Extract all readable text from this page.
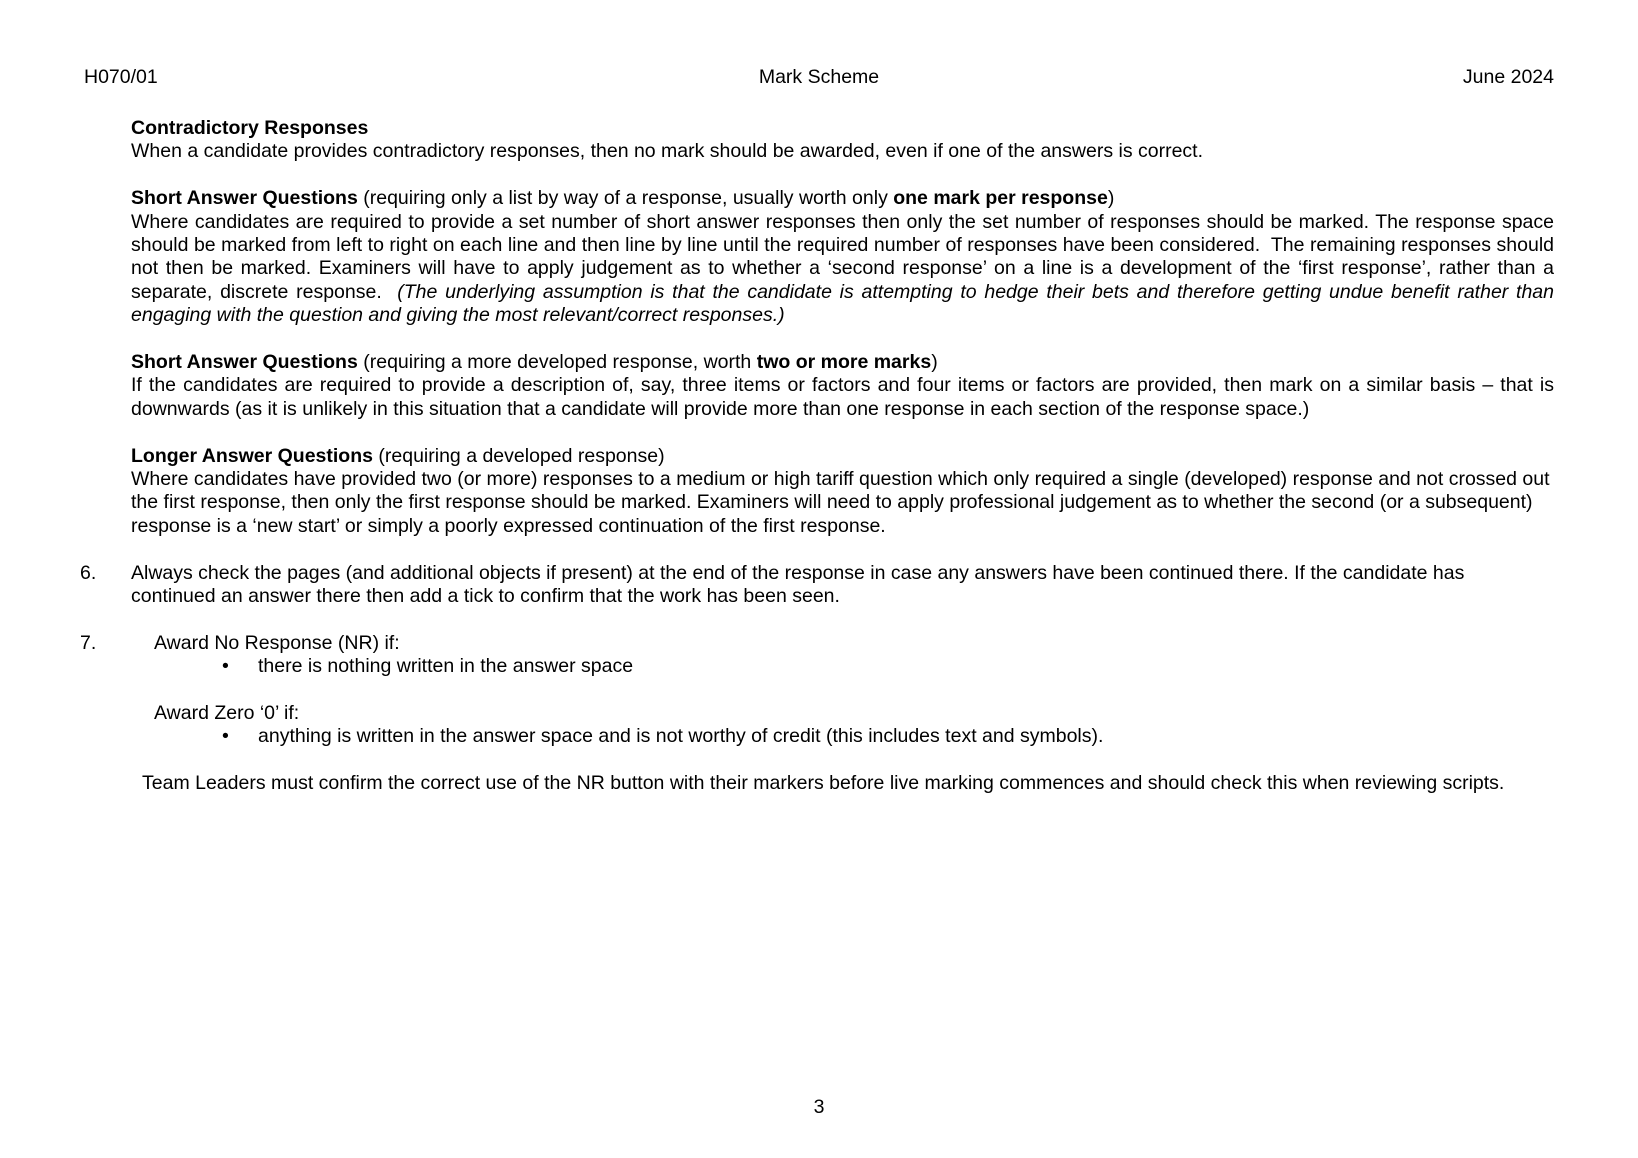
H070/01	Mark Scheme	June 2024
Contradictory Responses

When a candidate provides contradictory responses, then no mark should be awarded, even if one of the answers is correct.

Short Answer Questions (requiring only a list by way of a response, usually worth only one mark per response)

Where candidates are required to provide a set number of short answer responses then only the set number of responses should be marked. The response space should be marked from left to right on each line and then line by line until the required number of responses have been considered.  The remaining responses should not then be marked. Examiners will have to apply judgement as to whether a ‘second response’ on a line is a development of the ‘first response’, rather than a separate, discrete response.  (The underlying assumption is that the candidate is attempting to hedge their bets and therefore getting undue benefit rather than engaging with the question and giving the most relevant/correct responses.)

Short Answer Questions (requiring a more developed response, worth two or more marks)

If the candidates are required to provide a description of, say, three items or factors and four items or factors are provided, then mark on a similar basis – that is downwards (as it is unlikely in this situation that a candidate will provide more than one response in each section of the response space.)

Longer Answer Questions (requiring a developed response)

Where candidates have provided two (or more) responses to a medium or high tariff question which only required a single (developed) response and not crossed out the first response, then only the first response should be marked. Examiners will need to apply professional judgement as to whether the second (or a subsequent) response is a ‘new start’ or simply a poorly expressed continuation of the first response.

6.	Always check the pages (and additional objects if present) at the end of the response in case any answers have been continued there. If the candidate has continued an answer there then add a tick to confirm that the work has been seen.
7.	Award No Response (NR) if:
•	there is nothing written in the answer space
Award Zero ‘0’ if:
•	anything is written in the answer space and is not worthy of credit (this includes text and symbols).

Team Leaders must confirm the correct use of the NR button with their markers before live marking commences and should check this when reviewing scripts.

3
